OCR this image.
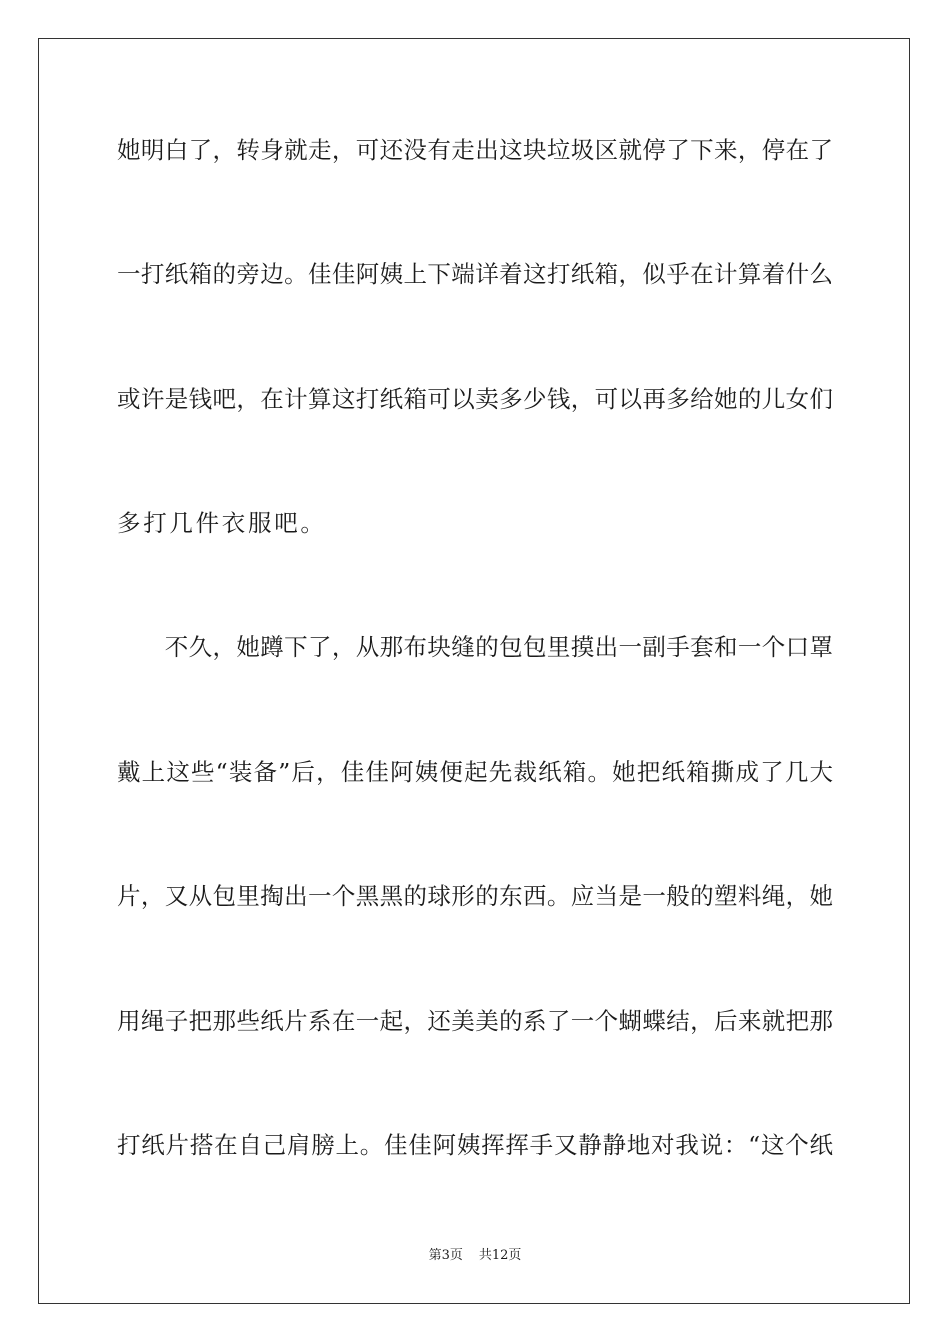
她明白了，转身就走，可还没有走出这块垃圾区就停了下来，停在了
一打纸箱的旁边。佳佳阿姨上下端详着这打纸箱，似乎在计算着什么
或许是钱吧，在计算这打纸箱可以卖多少钱，可以再多给她的儿女们
多打几件衣服吧。
　　不久，她蹲下了，从那布块缝的包包里摸出一副手套和一个口罩
戴上这些“装备”后，佳佳阿姨便起先裁纸箱。她把纸箱撕成了几大
片，又从包里掏出一个黑黑的球形的东西。应当是一般的塑料绳，她
用绳子把那些纸片系在一起，还美美的系了一个蝴蝶结，后来就把那
打纸片搭在自己肩膀上。佳佳阿姨挥挥手又静静地对我说：“这个纸
第3页 共12页
